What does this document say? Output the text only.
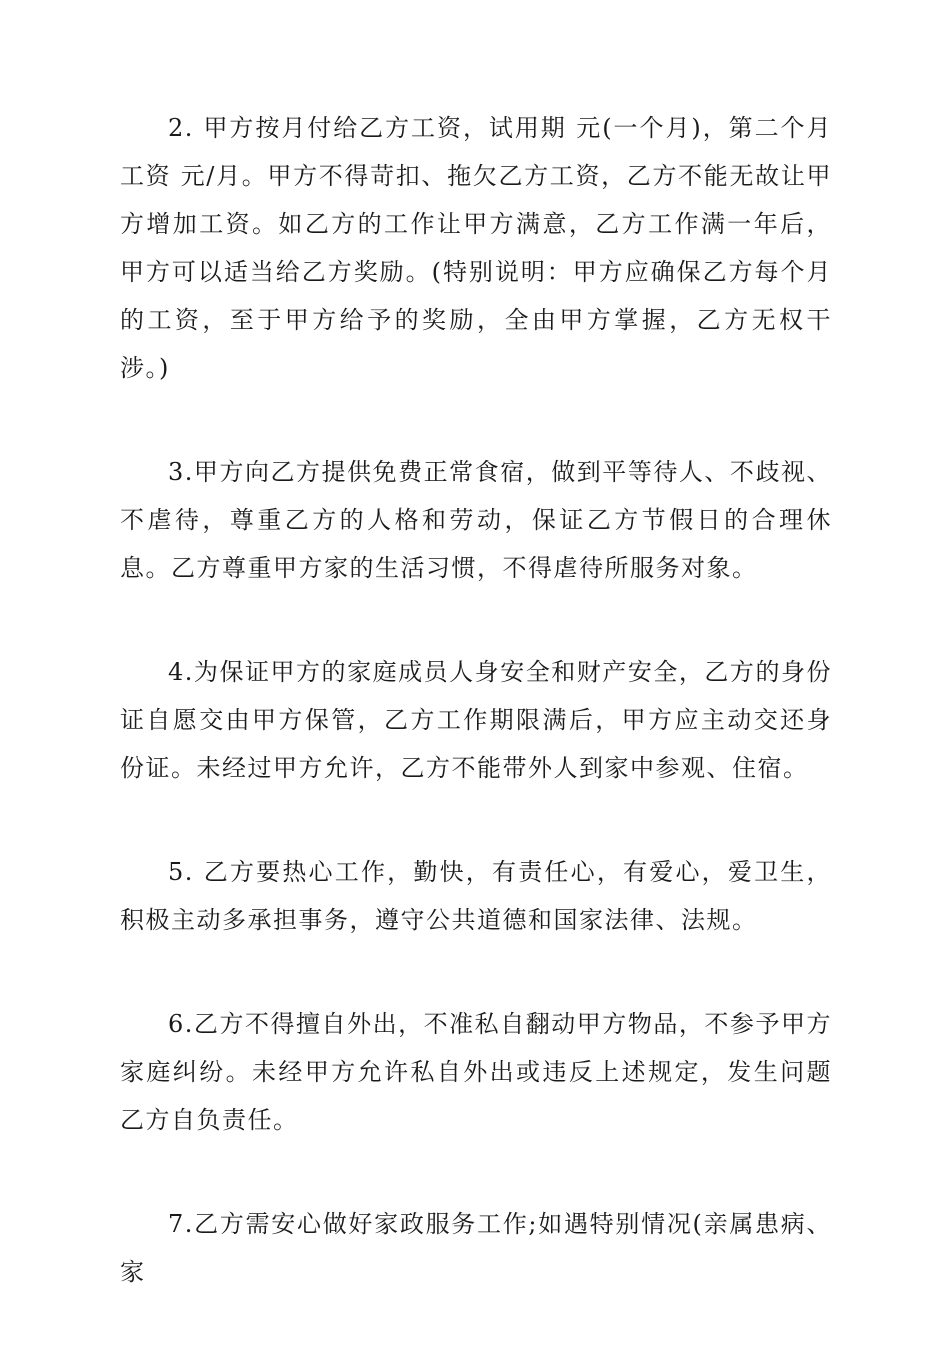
2. 甲方按月付给乙方工资，试用期 元(一个月)，第二个月工资 元/月。甲方不得苛扣、拖欠乙方工资，乙方不能无故让甲方增加工资。如乙方的工作让甲方满意，乙方工作满一年后，甲方可以适当给乙方奖励。(特别说明：甲方应确保乙方每个月的工资，至于甲方给予的奖励，全由甲方掌握，乙方无权干涉。)

3.甲方向乙方提供免费正常食宿，做到平等待人、不歧视、不虐待，尊重乙方的人格和劳动，保证乙方节假日的合理休息。乙方尊重甲方家的生活习惯，不得虐待所服务对象。

4.为保证甲方的家庭成员人身安全和财产安全，乙方的身份证自愿交由甲方保管，乙方工作期限满后，甲方应主动交还身份证。未经过甲方允许，乙方不能带外人到家中参观、住宿。

5. 乙方要热心工作，勤快，有责任心，有爱心，爱卫生，积极主动多承担事务，遵守公共道德和国家法律、法规。

6.乙方不得擅自外出，不准私自翻动甲方物品，不参予甲方家庭纠纷。未经甲方允许私自外出或违反上述规定，发生问题乙方自负责任。

7.乙方需安心做好家政服务工作;如遇特别情况(亲属患病、家
